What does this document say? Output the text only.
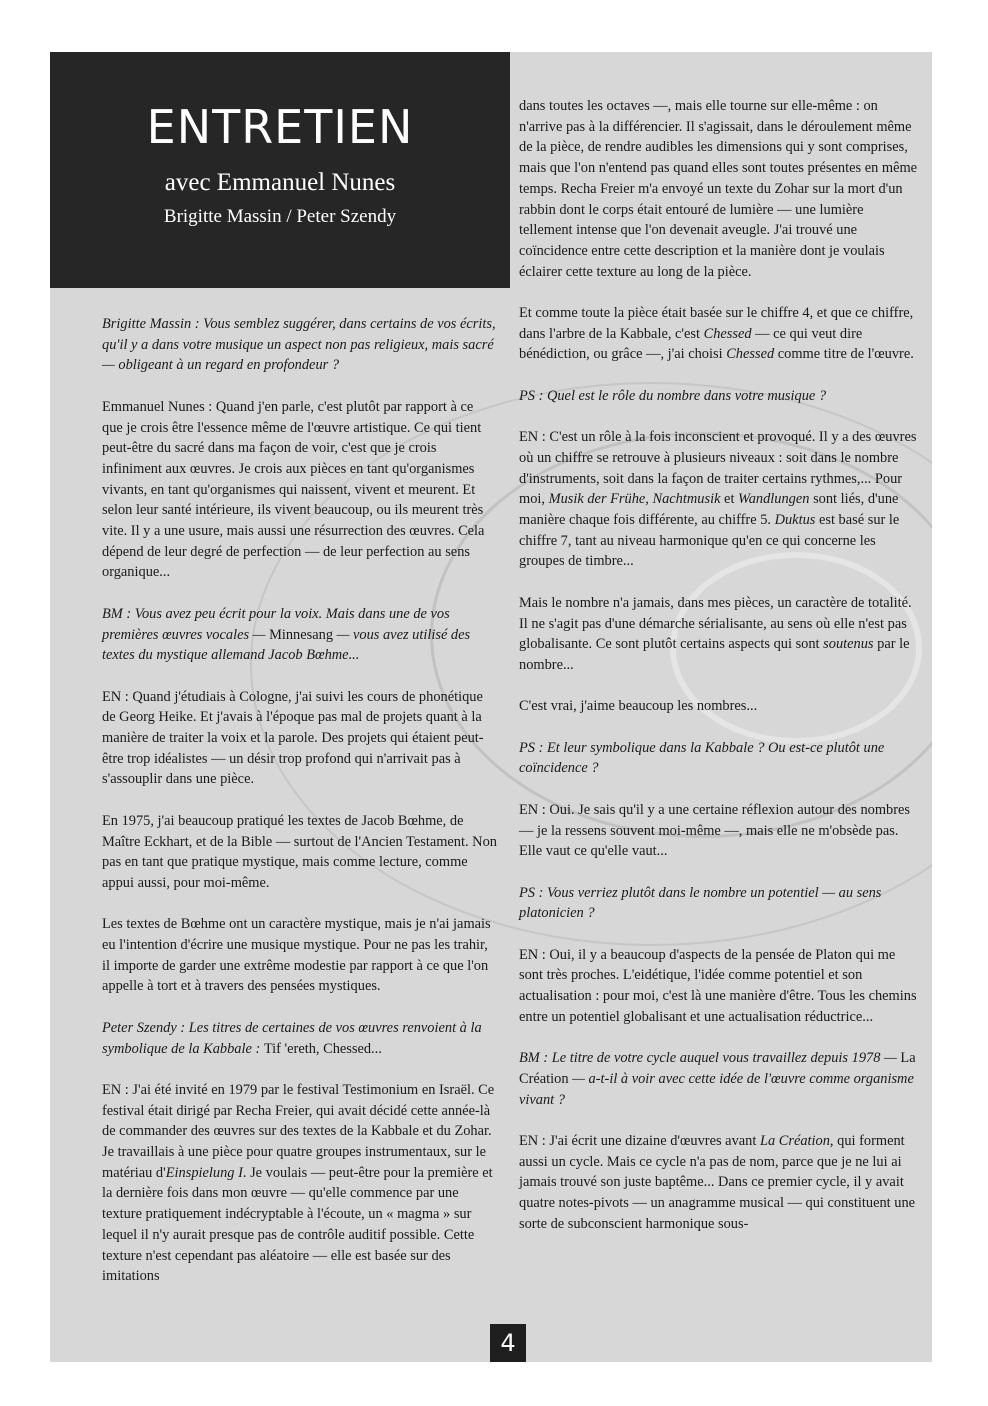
ENTRETIEN
avec Emmanuel Nunes
Brigitte Massin / Peter Szendy

Brigitte Massin : Vous semblez suggérer, dans certains de vos écrits, qu'il y a dans votre musique un aspect non pas religieux, mais sacré — obligeant à un regard en profondeur ?

Emmanuel Nunes : Quand j'en parle, c'est plutôt par rapport à ce que je crois être l'essence même de l'œuvre artistique. Ce qui tient peut-être du sacré dans ma façon de voir, c'est que je crois infiniment aux œuvres. Je crois aux pièces en tant qu'organismes vivants, en tant qu'organismes qui naissent, vivent et meurent. Et selon leur santé intérieure, ils vivent beaucoup, ou ils meurent très vite. Il y a une usure, mais aussi une résurrection des œuvres. Cela dépend de leur degré de perfection — de leur perfection au sens organique...

BM : Vous avez peu écrit pour la voix. Mais dans une de vos premières œuvres vocales — Minnesang — vous avez utilisé des textes du mystique allemand Jacob Bœhme...

EN : Quand j'étudiais à Cologne, j'ai suivi les cours de phonétique de Georg Heike. Et j'avais à l'époque pas mal de projets quant à la manière de traiter la voix et la parole. Des projets qui étaient peut-être trop idéalistes — un désir trop profond qui n'arrivait pas à s'assouplir dans une pièce.

En 1975, j'ai beaucoup pratiqué les textes de Jacob Bœhme, de Maître Eckhart, et de la Bible — surtout de l'Ancien Testament. Non pas en tant que pratique mystique, mais comme lecture, comme appui aussi, pour moi-même.

Les textes de Bœhme ont un caractère mystique, mais je n'ai jamais eu l'intention d'écrire une musique mystique. Pour ne pas les trahir, il importe de garder une extrême modestie par rapport à ce que l'on appelle à tort et à travers des pensées mystiques.

Peter Szendy : Les titres de certaines de vos œuvres renvoient à la symbolique de la Kabbale : Tif 'ereth, Chessed...

EN : J'ai été invité en 1979 par le festival Testimonium en Israël. Ce festival était dirigé par Recha Freier, qui avait décidé cette année-là de commander des œuvres sur des textes de la Kabbale et du Zohar. Je travaillais à une pièce pour quatre groupes instrumentaux, sur le matériau d'Einspielung I. Je voulais — peut-être pour la première et la dernière fois dans mon œuvre — qu'elle commence par une texture pratiquement indécryptable à l'écoute, un « magma » sur lequel il n'y aurait presque pas de contrôle auditif possible. Cette texture n'est cependant pas aléatoire — elle est basée sur des imitations

dans toutes les octaves —, mais elle tourne sur elle-même : on n'arrive pas à la différencier. Il s'agissait, dans le déroulement même de la pièce, de rendre audibles les dimensions qui y sont comprises, mais que l'on n'entend pas quand elles sont toutes présentes en même temps. Recha Freier m'a envoyé un texte du Zohar sur la mort d'un rabbin dont le corps était entouré de lumière — une lumière tellement intense que l'on devenait aveugle. J'ai trouvé une coïncidence entre cette description et la manière dont je voulais éclairer cette texture au long de la pièce.

Et comme toute la pièce était basée sur le chiffre 4, et que ce chiffre, dans l'arbre de la Kabbale, c'est Chessed — ce qui veut dire bénédiction, ou grâce —, j'ai choisi Chessed comme titre de l'œuvre.

PS : Quel est le rôle du nombre dans votre musique ?

EN : C'est un rôle à la fois inconscient et provoqué. Il y a des œuvres où un chiffre se retrouve à plusieurs niveaux : soit dans le nombre d'instruments, soit dans la façon de traiter certains rythmes,... Pour moi, Musik der Frühe, Nachtmusik et Wandlungen sont liés, d'une manière chaque fois différente, au chiffre 5. Duktus est basé sur le chiffre 7, tant au niveau harmonique qu'en ce qui concerne les groupes de timbre...

Mais le nombre n'a jamais, dans mes pièces, un caractère de totalité. Il ne s'agit pas d'une démarche sérialisante, au sens où elle n'est pas globalisante. Ce sont plutôt certains aspects qui sont soutenus par le nombre...

C'est vrai, j'aime beaucoup les nombres...

PS : Et leur symbolique dans la Kabbale ? Ou est-ce plutôt une coïncidence ?

EN : Oui. Je sais qu'il y a une certaine réflexion autour des nombres — je la ressens souvent moi-même —, mais elle ne m'obsède pas. Elle vaut ce qu'elle vaut...

PS : Vous verriez plutôt dans le nombre un potentiel — au sens platonicien ?

EN : Oui, il y a beaucoup d'aspects de la pensée de Platon qui me sont très proches. L'eidétique, l'idée comme potentiel et son actualisation : pour moi, c'est là une manière d'être. Tous les chemins entre un potentiel globalisant et une actualisation réductrice...

BM : Le titre de votre cycle auquel vous travaillez depuis 1978 — La Création — a-t-il à voir avec cette idée de l'œuvre comme organisme vivant ?

EN : J'ai écrit une dizaine d'œuvres avant La Création, qui forment aussi un cycle. Mais ce cycle n'a pas de nom, parce que je ne lui ai jamais trouvé son juste baptême... Dans ce premier cycle, il y avait quatre notes-pivots — un anagramme musical — qui constituent une sorte de subconscient harmonique sous-

4
